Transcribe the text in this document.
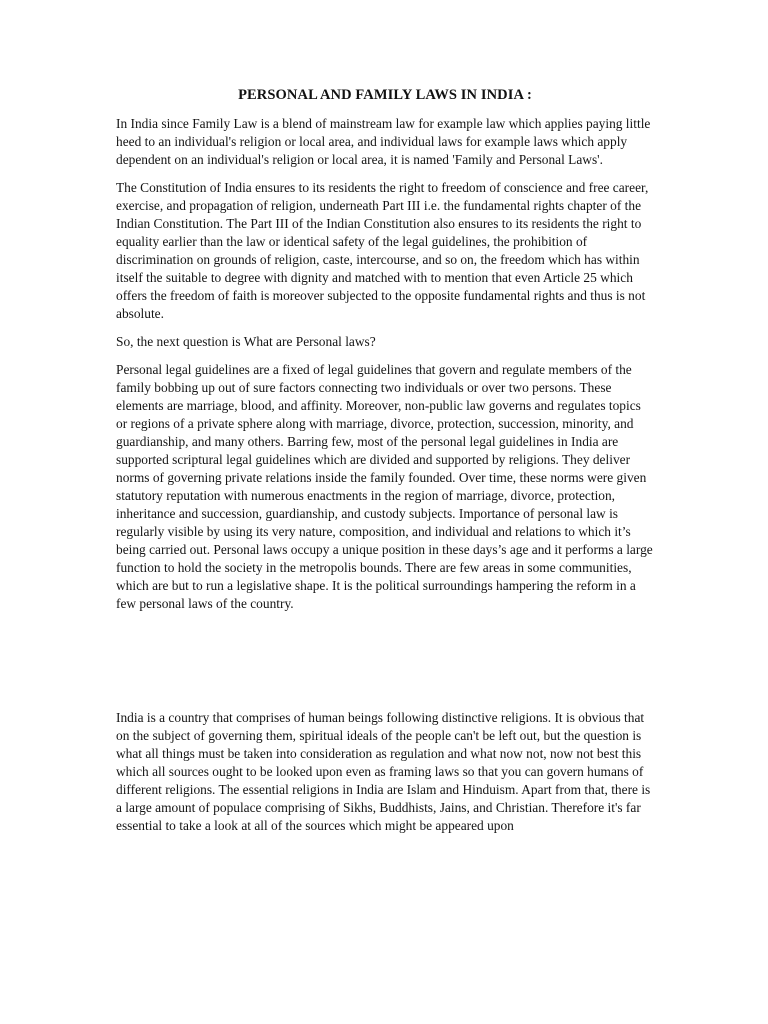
PERSONAL AND FAMILY LAWS IN INDIA :

In India since Family Law is a blend of mainstream law for example law which applies paying little heed to an individual's religion or local area, and individual laws for example laws which apply dependent on an individual's religion or local area, it is named 'Family and Personal Laws'.

The Constitution of India ensures to its residents the right to freedom of conscience and free career, exercise, and propagation of religion, underneath Part III i.e. the fundamental rights chapter of the Indian Constitution. The Part III of the Indian Constitution also ensures to its residents the right to equality earlier than the law or identical safety of the legal guidelines, the prohibition of discrimination on grounds of religion, caste, intercourse, and so on, the freedom which has within itself the suitable to degree with dignity and matched with to mention that even Article 25 which offers the freedom of faith is moreover subjected to the opposite fundamental rights and thus is not absolute.

So, the next question is What are Personal laws?

Personal legal guidelines are a fixed of legal guidelines that govern and regulate members of the family bobbing up out of sure factors connecting two individuals or over two persons. These elements are marriage, blood, and affinity. Moreover, non-public law governs and regulates topics or regions of a private sphere along with marriage, divorce, protection, succession, minority, and guardianship, and many others. Barring few, most of the personal legal guidelines in India are supported scriptural legal guidelines which are divided and supported by religions. They deliver norms of governing private relations inside the family founded. Over time, these norms were given statutory reputation with numerous enactments in the region of marriage, divorce, protection, inheritance and succession, guardianship, and custody subjects. Importance of personal law is regularly visible by using its very nature, composition, and individual and relations to which it’s being carried out. Personal laws occupy a unique position in these days’s age and it performs a large function to hold the society in the metropolis bounds. There are few areas in some communities, which are but to run a legislative shape. It is the political surroundings hampering the reform in a few personal laws of the country.

India is a country that comprises of human beings following distinctive religions. It is obvious that on the subject of governing them, spiritual ideals of the people can't be left out, but the question is what all things must be taken into consideration as regulation and what now not, now not best this which all sources ought to be looked upon even as framing laws so that you can govern humans of different religions. The essential religions in India are Islam and Hinduism. Apart from that, there is a large amount of populace comprising of Sikhs, Buddhists, Jains, and Christian. Therefore it's far essential to take a look at all of the sources which might be appeared upon
